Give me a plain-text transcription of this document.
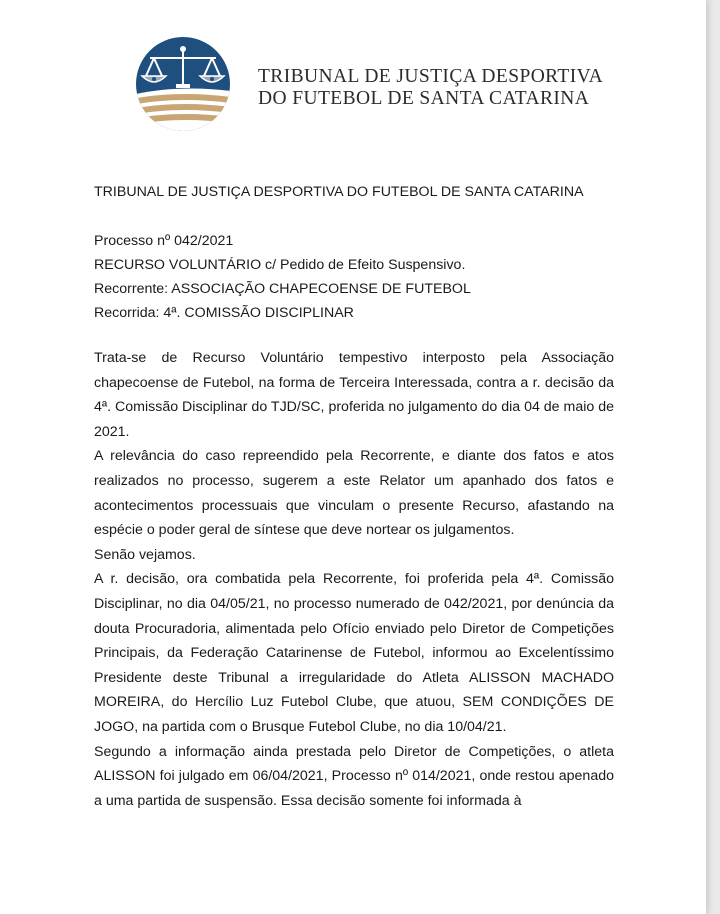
TRIBUNAL DE JUSTIÇA DESPORTIVA
DO FUTEBOL DE SANTA CATARINA
TRIBUNAL DE JUSTIÇA DESPORTIVA DO FUTEBOL DE SANTA CATARINA
Processo nº 042/2021
RECURSO VOLUNTÁRIO c/ Pedido de Efeito Suspensivo.
Recorrente: ASSOCIAÇÃO CHAPECOENSE DE FUTEBOL
Recorrida: 4ª. COMISSÃO DISCIPLINAR

Trata-se de Recurso Voluntário tempestivo interposto pela Associação chapecoense de Futebol, na forma de Terceira Interessada, contra a r. decisão da 4ª. Comissão Disciplinar do TJD/SC, proferida no julgamento do dia 04 de maio de 2021.

A relevância do caso repreendido pela Recorrente, e diante dos fatos e atos realizados no processo, sugerem a este Relator um apanhado dos fatos e acontecimentos processuais que vinculam o presente Recurso, afastando na espécie o poder geral de síntese que deve nortear os julgamentos.

Senão vejamos.

A r. decisão, ora combatida pela Recorrente, foi proferida pela 4ª. Comissão Disciplinar, no dia 04/05/21, no processo numerado de 042/2021, por denúncia da douta Procuradoria, alimentada pelo Ofício enviado pelo Diretor de Competições Principais, da Federação Catarinense de Futebol, informou ao Excelentíssimo Presidente deste Tribunal a irregularidade do Atleta ALISSON MACHADO MOREIRA, do Hercílio Luz Futebol Clube, que atuou, SEM CONDIÇÕES DE JOGO, na partida com o Brusque Futebol Clube, no dia 10/04/21.

Segundo a informação ainda prestada pelo Diretor de Competições, o atleta ALISSON foi julgado em 06/04/2021, Processo nº 014/2021, onde restou apenado a uma partida de suspensão. Essa decisão somente foi informada à
